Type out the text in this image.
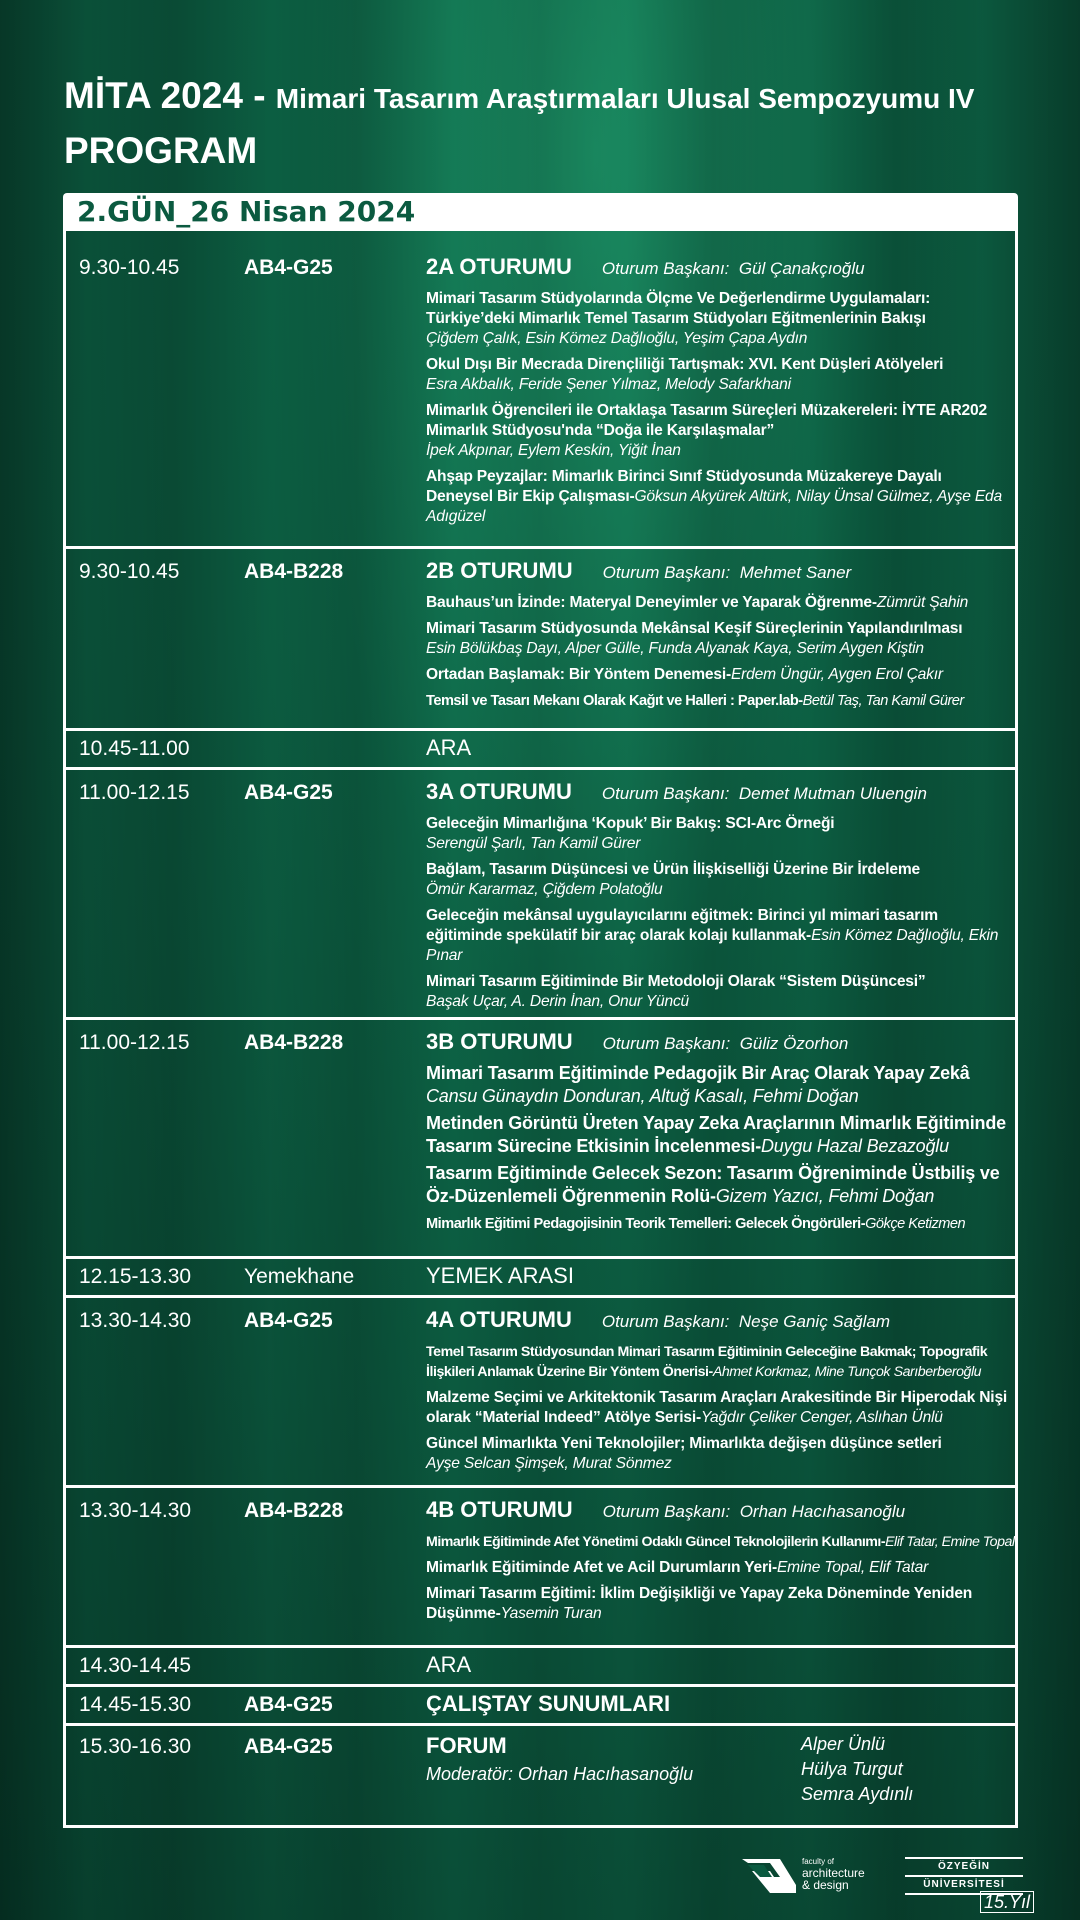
MİTA 2024 - Mimari Tasarım Araştırmaları Ulusal Sempozyumu IV
PROGRAM
2.GÜN_26 Nisan 2024
9.30-10.45	AB4-G25	2A OTURUMU Oturum Başkanı: Gül Çanakçıoğlu
Mimari Tasarım Stüdyolarında Ölçme Ve Değerlendirme Uygulamaları: Türkiye’deki Mimarlık Temel Tasarım Stüdyoları Eğitmenlerinin Bakışı
Çiğdem Çalık, Esin Kömez Dağlıoğlu, Yeşim Çapa Aydın
Okul Dışı Bir Mecrada Dirençliliği Tartışmak: XVI. Kent Düşleri Atölyeleri
Esra Akbalık, Feride Şener Yılmaz, Melody Safarkhani
Mimarlık Öğrencileri ile Ortaklaşa Tasarım Süreçleri Müzakereleri: İYTE AR202 Mimarlık Stüdyosu'nda “Doğa ile Karşılaşmalar”
İpek Akpınar, Eylem Keskin, Yiğit İnan
Ahşap Peyzajlar: Mimarlık Birinci Sınıf Stüdyosunda Müzakereye Dayalı Deneysel Bir Ekip Çalışması-Göksun Akyürek Altürk, Nilay Ünsal Gülmez, Ayşe Eda Adıgüzel
9.30-10.45	AB4-B228	2B OTURUMU Oturum Başkanı: Mehmet Saner
Bauhaus’un İzinde: Materyal Deneyimler ve Yaparak Öğrenme-Zümrüt Şahin
Mimari Tasarım Stüdyosunda Mekânsal Keşif Süreçlerinin Yapılandırılması
Esin Bölükbaş Dayı, Alper Gülle, Funda Alyanak Kaya, Serim Aygen Kiştin
Ortadan Başlamak: Bir Yöntem Denemesi-Erdem Üngür, Aygen Erol Çakır
Temsil ve Tasarı Mekanı Olarak Kağıt ve Halleri : Paper.lab-Betül Taş, Tan Kamil Gürer
10.45-11.00	ARA
11.00-12.15	AB4-G25	3A OTURUMU Oturum Başkanı: Demet Mutman Uluengin
Geleceğin Mimarlığına ‘Kopuk’ Bir Bakış: SCI-Arc Örneği
Serengül Şarlı, Tan Kamil Gürer
Bağlam, Tasarım Düşüncesi ve Ürün İlişkiselliği Üzerine Bir İrdeleme
Ömür Kararmaz, Çiğdem Polatoğlu
Geleceğin mekânsal uygulayıcılarını eğitmek: Birinci yıl mimari tasarım eğitiminde spekülatif bir araç olarak kolajı kullanmak-Esin Kömez Dağlıoğlu, Ekin Pınar
Mimari Tasarım Eğitiminde Bir Metodoloji Olarak “Sistem Düşüncesi”
Başak Uçar, A. Derin İnan, Onur Yüncü
11.00-12.15	AB4-B228	3B OTURUMU Oturum Başkanı: Güliz Özorhon
Mimari Tasarım Eğitiminde Pedagojik Bir Araç Olarak Yapay Zekâ
Cansu Günaydın Donduran, Altuğ Kasalı, Fehmi Doğan
Metinden Görüntü Üreten Yapay Zeka Araçlarının Mimarlık Eğitiminde Tasarım Sürecine Etkisinin İncelenmesi-Duygu Hazal Bezazoğlu
Tasarım Eğitiminde Gelecek Sezon: Tasarım Öğreniminde Üstbiliş ve Öz-Düzenlemeli Öğrenmenin Rolü-Gizem Yazıcı, Fehmi Doğan
Mimarlık Eğitimi Pedagojisinin Teorik Temelleri: Gelecek Öngörüleri-Gökçe Ketizmen
12.15-13.30	Yemekhane	YEMEK ARASI
13.30-14.30	AB4-G25	4A OTURUMU Oturum Başkanı: Neşe Ganiç Sağlam
Temel Tasarım Stüdyosundan Mimari Tasarım Eğitiminin Geleceğine Bakmak; Topografik İlişkileri Anlamak Üzerine Bir Yöntem Önerisi-Ahmet Korkmaz, Mine Tunçok Sarıberberoğlu
Malzeme Seçimi ve Arkitektonik Tasarım Araçları Arakesitinde Bir Hiperodak Nişi olarak “Material Indeed” Atölye Serisi-Yağdır Çeliker Cenger, Aslıhan Ünlü
Güncel Mimarlıkta Yeni Teknolojiler; Mimarlıkta değişen düşünce setleri
Ayşe Selcan Şimşek, Murat Sönmez
13.30-14.30	AB4-B228	4B OTURUMU Oturum Başkanı: Orhan Hacıhasanoğlu
Mimarlık Eğitiminde Afet Yönetimi Odaklı Güncel Teknolojilerin Kullanımı-Elif Tatar, Emine Topal
Mimarlık Eğitiminde Afet ve Acil Durumların Yeri-Emine Topal, Elif Tatar
Mimari Tasarım Eğitimi: İklim Değişikliği ve Yapay Zeka Döneminde Yeniden Düşünme-Yasemin Turan
14.30-14.45	ARA
14.45-15.30	AB4-G25	ÇALIŞTAY SUNUMLARI
15.30-16.30	AB4-G25	FORUM
Moderatör: Orhan Hacıhasanoğlu
Alper Ünlü
Hülya Turgut
Semra Aydınlı
faculty of
architecture
& design
ÖZYEĞİN
ÜNİVERSİTESİ
15.Yıl
